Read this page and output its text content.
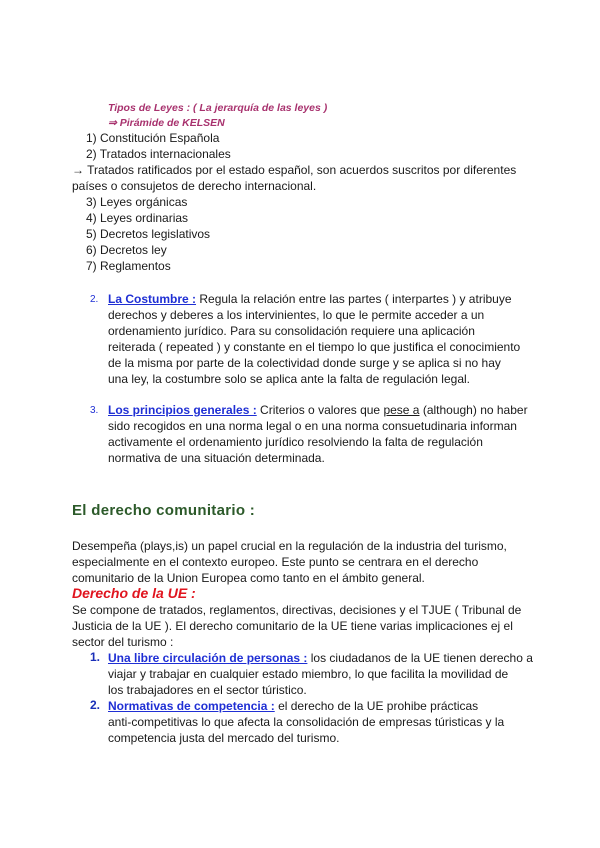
Tipos de Leyes : ( La jerarquía de las leyes )
⇒ Pirámide de KELSEN
1) Constitución Española
2) Tratados internacionales
→ Tratados ratificados por el estado español, son acuerdos suscritos por diferentes
países o consujetos de derecho internacional.
3) Leyes orgánicas
4) Leyes ordinarias
5) Decretos legislativos
6) Decretos ley
7) Reglamentos
2. La Costumbre : Regula la relación entre las partes ( interpartes ) y atribuye
derechos y deberes a los intervinientes, lo que le permite acceder a un
ordenamiento jurídico. Para su consolidación requiere una aplicación
reiterada ( repeated ) y constante en el tiempo lo que justifica el conocimiento
de la misma por parte de la colectividad donde surge y se aplica si no hay
una ley, la costumbre solo se aplica ante la falta de regulación legal.
3. Los principios generales : Criterios o valores que pese a (although) no haber
sido recogidos en una norma legal o en una norma consuetudinaria informan
activamente el ordenamiento jurídico resolviendo la falta de regulación
normativa de una situación determinada.
El derecho comunitario :
Desempeña (plays,is) un papel crucial en la regulación de la industria del turismo,
especialmente en el contexto europeo. Este punto se centrara en el derecho
comunitario de la Union Europea como tanto en el ámbito general.
Derecho de la UE :
Se compone de tratados, reglamentos, directivas, decisiones y el TJUE ( Tribunal de
Justicia de la UE ). El derecho comunitario de la UE tiene varias implicaciones ej el
sector del turismo :
1. Una libre circulación de personas : los ciudadanos de la UE tienen derecho a
viajar y trabajar en cualquier estado miembro, lo que facilita la movilidad de
los trabajadores en el sector túristico.
2. Normativas de competencia : el derecho de la UE prohibe prácticas
anti-competitivas lo que afecta la consolidación de empresas túristicas y la
competencia justa del mercado del turismo.
